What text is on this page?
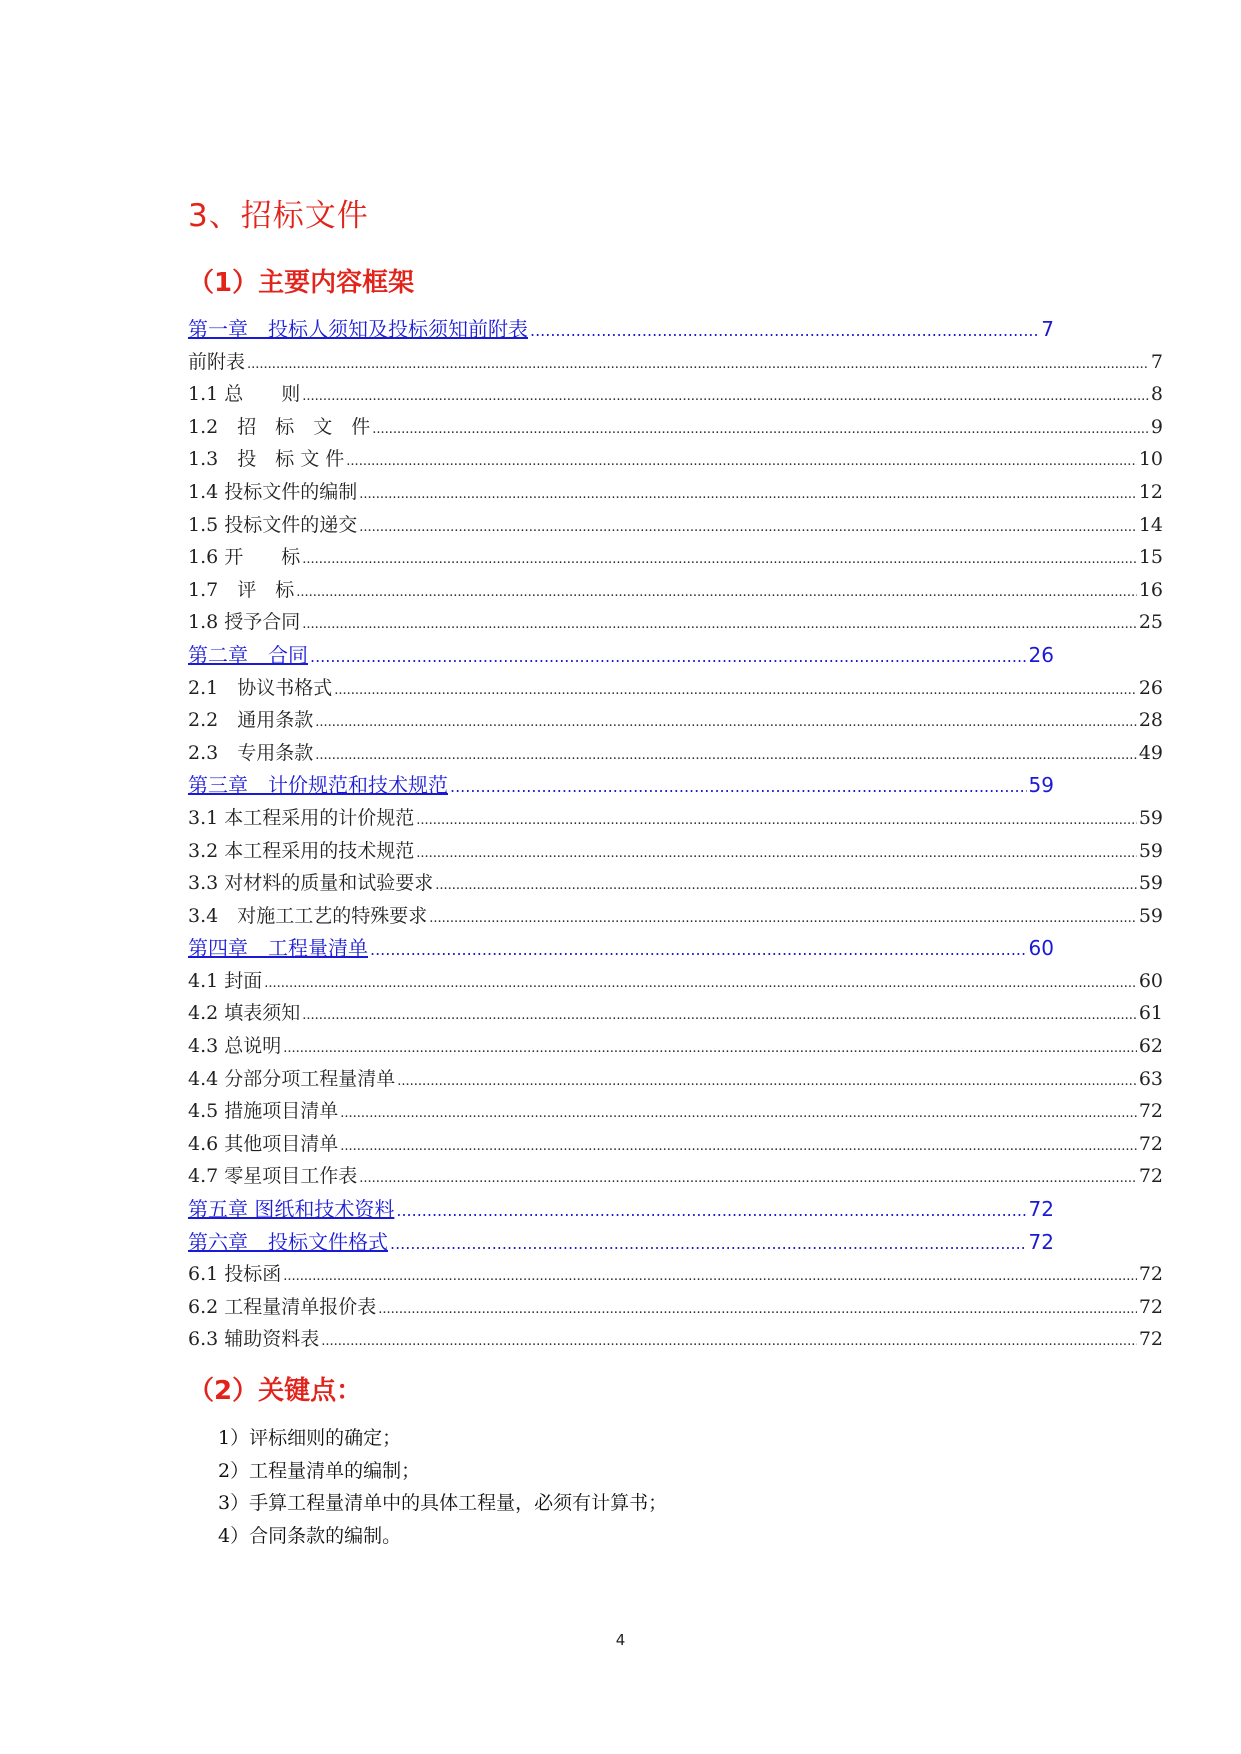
3、招标文件
（1）主要内容框架
第一章　投标人须知及投标须知前附表 .....	7
前附表 .....	7
1.1 总　　则 .....	8
1.2　招　标　文　件 .....	9
1.3　投　标 文 件 .....	10
1.4 投标文件的编制 .....	12
1.5 投标文件的递交 .....	14
1.6 开　　标 .....	15
1.7　评　标 .....	16
1.8 授予合同 .....	25
第二章　合同 .....	26
2.1　协议书格式 .....	26
2.2　通用条款 .....	28
2.3　专用条款 .....	49
第三章　计价规范和技术规范 .....	59
3.1 本工程采用的计价规范 .....	59
3.2 本工程采用的技术规范 .....	59
3.3 对材料的质量和试验要求 .....	59
3.4　对施工工艺的特殊要求 .....	59
第四章　工程量清单 .....	60
4.1 封面 .....	60
4.2 填表须知 .....	61
4.3 总说明 .....	62
4.4 分部分项工程量清单 .....	63
4.5 措施项目清单 .....	72
4.6 其他项目清单 .....	72
4.7 零星项目工作表 .....	72
第五章 图纸和技术资料 .....	72
第六章　投标文件格式 .....	72
6.1 投标函 .....	72
6.2 工程量清单报价表 .....	72
6.3 辅助资料表 .....	72
（2）关键点：
1）评标细则的确定；
2）工程量清单的编制；
3）手算工程量清单中的具体工程量，必须有计算书；
4）合同条款的编制。
4
